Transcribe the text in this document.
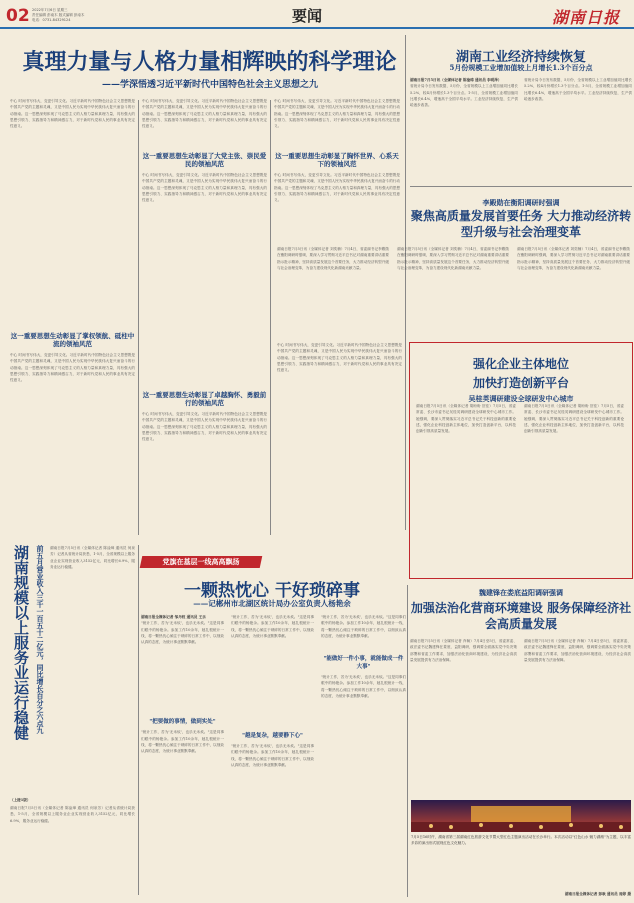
02 2022年7月6日 星期三
责任编辑 彭南木 版式编辑 彭南木
电话：0731-84329124	要闻	湖南日报
真理力量与人格力量相辉映的科学理论
——学深悟透习近平新时代中国特色社会主义思想之九
中心 时间书写伟大，变更引导文化。习近平新时代中国特色社会主义思想既是中国共产党的主题和灵魂，又是中国人民为实现中华民族伟大复兴而奋斗的行动指南。这一思想深刻体现了马克思主义的人格力量和真理力量，具有强大的思想引领力、实践指导力和精神感召力，对于新时代党和人民的事业具有决定性意义。
这一重要思想生动彰显了掌权领航、砥柱中流的领袖风范
中心 时间书写伟大，变更引导文化。习近平新时代中国特色社会主义思想既是中国共产党的主题和灵魂，又是中国人民为实现中华民族伟大复兴而奋斗的行动指南。这一思想深刻体现了马克思主义的人格力量和真理力量，具有强大的思想引领力、实践指导力和精神感召力，对于新时代党和人民的事业具有决定性意义。
中心 时间书写伟大，变更引导文化。习近平新时代中国特色社会主义思想既是中国共产党的主题和灵魂，又是中国人民为实现中华民族伟大复兴而奋斗的行动指南。这一思想深刻体现了马克思主义的人格力量和真理力量，具有强大的思想引领力、实践指导力和精神感召力，对于新时代党和人民的事业具有决定性意义。
这一重要思想生动彰显了大党主张、崇民爱民的领袖风范
中心 时间书写伟大，变更引导文化。习近平新时代中国特色社会主义思想既是中国共产党的主题和灵魂，又是中国人民为实现中华民族伟大复兴而奋斗的行动指南。这一思想深刻体现了马克思主义的人格力量和真理力量，具有强大的思想引领力、实践指导力和精神感召力，对于新时代党和人民的事业具有决定性意义。
这一重要思想生动彰显了卓越胸怀、勇毅前行的领袖风范
中心 时间书写伟大，变更引导文化。习近平新时代中国特色社会主义思想既是中国共产党的主题和灵魂，又是中国人民为实现中华民族伟大复兴而奋斗的行动指南。这一思想深刻体现了马克思主义的人格力量和真理力量，具有强大的思想引领力、实践指导力和精神感召力，对于新时代党和人民的事业具有决定性意义。
中心 时间书写伟大，变更引导文化。习近平新时代中国特色社会主义思想既是中国共产党的主题和灵魂，又是中国人民为实现中华民族伟大复兴而奋斗的行动指南。这一思想深刻体现了马克思主义的人格力量和真理力量，具有强大的思想引领力、实践指导力和精神感召力，对于新时代党和人民的事业具有决定性意义。
这一重要思想生动彰显了胸怀世界、心系天下的领袖风范
中心 时间书写伟大，变更引导文化。习近平新时代中国特色社会主义思想既是中国共产党的主题和灵魂，又是中国人民为实现中华民族伟大复兴而奋斗的行动指南。这一思想深刻体现了马克思主义的人格力量和真理力量，具有强大的思想引领力、实践指导力和精神感召力，对于新时代党和人民的事业具有决定性意义。
湖南工业经济持续恢复
5月份规模工业增加值较上月增长1.3个百分点
湖南日报7月5日讯（全媒体记者 陈淦璋 通讯员 李明泽）
省统计局今日发布数据，5月份，全省规模以上工业增加值同比增长5.2%，较4月份增长1.3个百分点。1-5月，全省规模工业增加值同比增长6.4%，增速高于全国平均水平。工业经济持续恢复，生产供给逐步改善。
省统计局今日发布数据，5月份，全省规模以上工业增加值同比增长5.2%，较4月份增长1.3个百分点。1-5月，全省规模工业增加值同比增长6.4%，增速高于全国平均水平。工业经济持续恢复，生产供给逐步改善。
李殿勋在衡阳调研时强调
聚焦高质量发展首要任务 大力推动经济转型升级与社会治理变革
湖南日报7月5日讯（全媒体记者 刘奕楠）7月4日，省委副书记李殿勋在衡阳调研时强调，要深入学习贯彻习近平总书记对湖南重要讲话重要指示批示精神，坚持高质量发展这个首要任务，大力推动经济转型升级与社会治理变革，为奋力建设现代化新湖南贡献力量。
湖南日报7月5日讯（全媒体记者 刘奕楠）7月4日，省委副书记李殿勋在衡阳调研时强调，要深入学习贯彻习近平总书记对湖南重要讲话重要指示批示精神，坚持高质量发展这个首要任务，大力推动经济转型升级与社会治理变革，为奋力建设现代化新湖南贡献力量。
湖南日报7月5日讯（全媒体记者 刘奕楠）7月4日，省委副书记李殿勋在衡阳调研时强调，要深入学习贯彻习近平总书记对湖南重要讲话重要指示批示精神，坚持高质量发展这个首要任务，大力推动经济转型升级与社会治理变革，为奋力建设现代化新湖南贡献力量。
强化企业主体地位
加快打造创新平台
吴桂英调研建设全球研发中心城市
湖南日报7月5日讯（全媒体记者 胡盼盼 贺佳）7月5日，省委常委、长沙市委书记吴桂英调研建设全球研发中心城市工作。她强调，要深入贯彻落实习近平总书记关于科技创新的重要论述，强化企业科技创新主体地位，加快打造创新平台，以科技创新引领高质量发展。
湖南日报7月5日讯（全媒体记者 胡盼盼 贺佳）7月5日，省委常委、长沙市委书记吴桂英调研建设全球研发中心城市工作。她强调，要深入贯彻落实习近平总书记关于科技创新的重要论述，强化企业科技创新主体地位，加快打造创新平台，以科技创新引领高质量发展。
中心 时间书写伟大，变更引导文化。习近平新时代中国特色社会主义思想既是中国共产党的主题和灵魂，又是中国人民为实现中华民族伟大复兴而奋斗的行动指南。这一思想深刻体现了马克思主义的人格力量和真理力量，具有强大的思想引领力、实践指导力和精神感召力，对于新时代党和人民的事业具有决定性意义。
湖南规模以上服务业运行稳健 前五月营业收入三千一百五十二亿元，同比增长百分之六点九 湖南日报7月5日讯（全媒体记者 陈淦璋 通讯员 何泉芳）记者从省统计局获悉，1-5月，全省规模以上服务业企业实现营业收入3152亿元，同比增长6.9%，服务业运行稳健。
（上接1版）
湖南日报7月5日讯（全媒体记者 陈淦璋 通讯员 何泉芳）记者从省统计局获悉，1-5月，全省规模以上服务业企业实现营业收入3152亿元，同比增长6.9%，服务业运行稳健。
党旗在基层一线高高飘扬
一颗热忱心 干好琐碎事
——记郴州市北湖区统计局办公室负责人杨艳余
湖南日报全媒体记者 邹丹枝 通讯员 王乐
"统计工作，苦为'无米炊'，也乐无米炊。"这是同事们眼中的杨艳余。参加工作10余年，她扎根统计一线，将一颗热忱心倾注于琐碎的日常工作中，以细致认真的态度，为统计事业默默奉献。
"把要做的事情，做到实处"
"统计工作，苦为'无米炊'，也乐无米炊。"这是同事们眼中的杨艳余。参加工作10余年，她扎根统计一线，将一颗热忱心倾注于琐碎的日常工作中，以细致认真的态度，为统计事业默默奉献。
"统计工作，苦为'无米炊'，也乐无米炊。"这是同事们眼中的杨艳余。参加工作10余年，她扎根统计一线，将一颗热忱心倾注于琐碎的日常工作中，以细致认真的态度，为统计事业默默奉献。
"越是复杂，越要静下心"
"统计工作，苦为'无米炊'，也乐无米炊。"这是同事们眼中的杨艳余。参加工作10余年，她扎根统计一线，将一颗热忱心倾注于琐碎的日常工作中，以细致认真的态度，为统计事业默默奉献。
"统计工作，苦为'无米炊'，也乐无米炊。"这是同事们眼中的杨艳余。参加工作10余年，她扎根统计一线，将一颗热忱心倾注于琐碎的日常工作中，以细致认真的态度，为统计事业默默奉献。
"能做好一件小事，就能做成一件大事"
"统计工作，苦为'无米炊'，也乐无米炊。"这是同事们眼中的杨艳余。参加工作10余年，她扎根统计一线，将一颗热忱心倾注于琐碎的日常工作中，以细致认真的态度，为统计事业默默奉献。
魏建锋在娄底益阳调研强调
加强法治化营商环境建设 服务保障经济社会高质量发展
湖南日报7月5日讯（全媒体记者 肖畅）7月4日至5日，省委常委、政法委书记魏建锋在娄底、益阳调研，强调要全面落实党中央决策部署和省委工作要求，加强法治化营商环境建设，为经济社会高质量发展提供有力法治保障。
湖南日报7月5日讯（全媒体记者 肖畅）7月4日至5日，省委常委、政法委书记魏建锋在娄底、益阳调研，强调要全面落实党中央决策部署和省委工作要求，加强法治化营商环境建设，为经济社会高质量发展提供有力法治保障。
7月5日16时许，湖南省第三届湖南红色旅游文化节暨大型红色主题演出活动在长沙举行。本次活动以"红色山水 魅力湖湘"为主题，以丰富多彩的演出形式展现红色文化魅力。
湖南日报全媒体记者 彭耿 通讯员 周婷 摄
